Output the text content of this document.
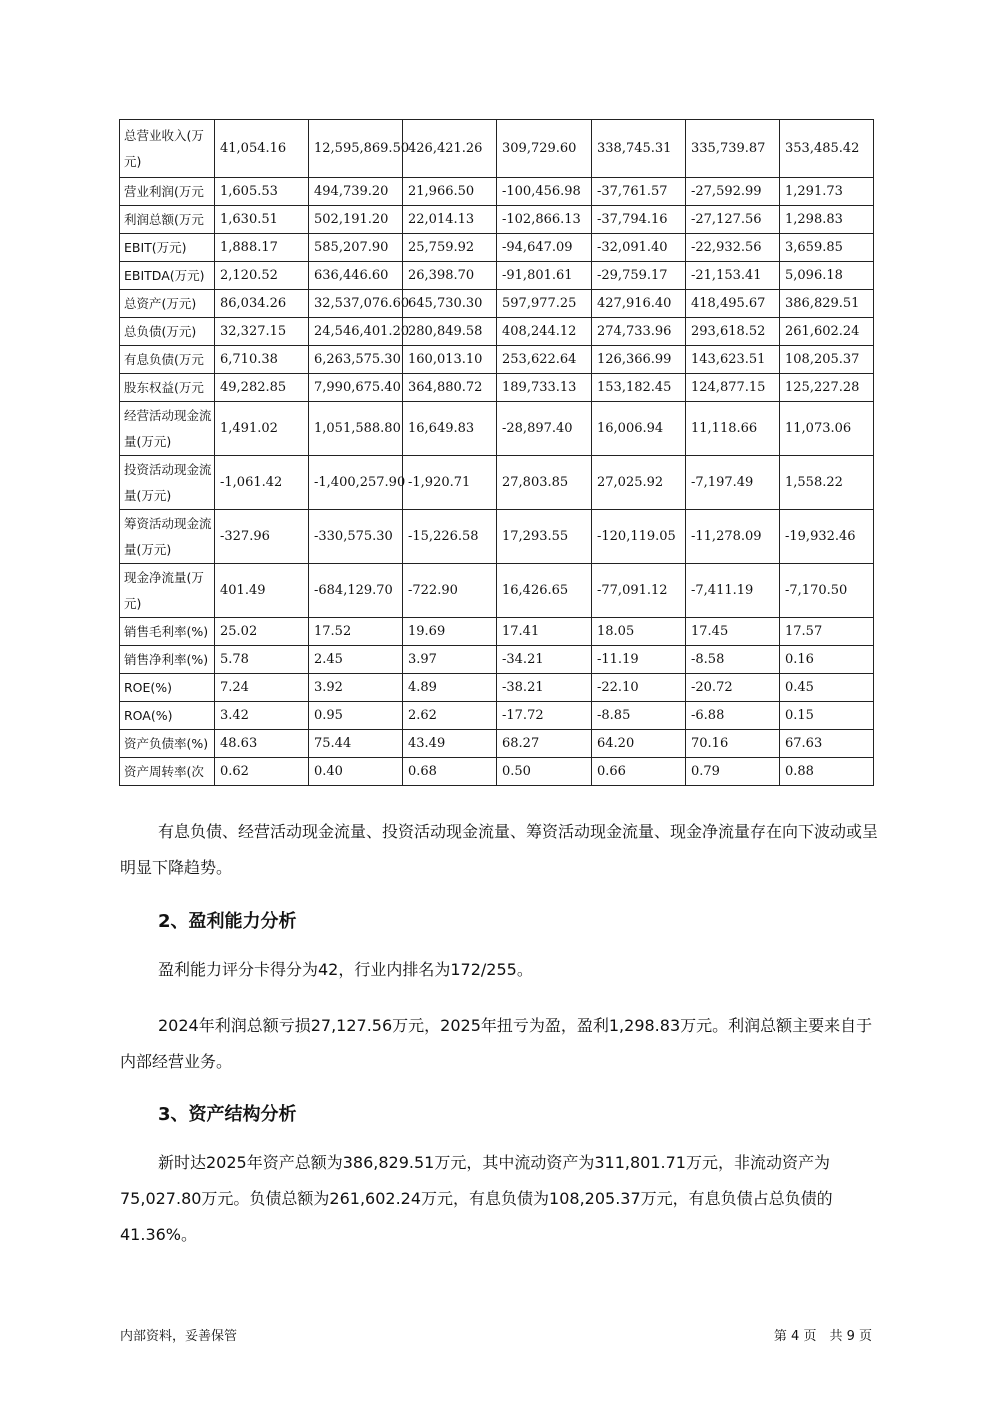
总营业收入(万元)	41,054.16	12,595,869.50	426,421.26	309,729.60	338,745.31	335,739.87	353,485.42
营业利润(万元	1,605.53	494,739.20	21,966.50	-100,456.98	-37,761.57	-27,592.99	1,291.73
利润总额(万元	1,630.51	502,191.20	22,014.13	-102,866.13	-37,794.16	-27,127.56	1,298.83
EBIT(万元)	1,888.17	585,207.90	25,759.92	-94,647.09	-32,091.40	-22,932.56	3,659.85
EBITDA(万元)	2,120.52	636,446.60	26,398.70	-91,801.61	-29,759.17	-21,153.41	5,096.18
总资产(万元)	86,034.26	32,537,076.60	645,730.30	597,977.25	427,916.40	418,495.67	386,829.51
总负债(万元)	32,327.15	24,546,401.20	280,849.58	408,244.12	274,733.96	293,618.52	261,602.24
有息负债(万元	6,710.38	6,263,575.30	160,013.10	253,622.64	126,366.99	143,623.51	108,205.37
股东权益(万元	49,282.85	7,990,675.40	364,880.72	189,733.13	153,182.45	124,877.15	125,227.28
经营活动现金流量(万元)	1,491.02	1,051,588.80	16,649.83	-28,897.40	16,006.94	11,118.66	11,073.06
投资活动现金流量(万元)	-1,061.42	-1,400,257.90	-1,920.71	27,803.85	27,025.92	-7,197.49	1,558.22
筹资活动现金流量(万元)	-327.96	-330,575.30	-15,226.58	17,293.55	-120,119.05	-11,278.09	-19,932.46
现金净流量(万元)	401.49	-684,129.70	-722.90	16,426.65	-77,091.12	-7,411.19	-7,170.50
销售毛利率(%)	25.02	17.52	19.69	17.41	18.05	17.45	17.57
销售净利率(%)	5.78	2.45	3.97	-34.21	-11.19	-8.58	0.16
ROE(%)	7.24	3.92	4.89	-38.21	-22.10	-20.72	0.45
ROA(%)	3.42	0.95	2.62	-17.72	-8.85	-6.88	0.15
资产负债率(%)	48.63	75.44	43.49	68.27	64.20	70.16	67.63
资产周转率(次	0.62	0.40	0.68	0.50	0.66	0.79	0.88
有息负债、经营活动现金流量、投资活动现金流量、筹资活动现金流量、现金净流量存在向下波动或呈明显下降趋势。
2、盈利能力分析
盈利能力评分卡得分为42，行业内排名为172/255。
2024年利润总额亏损27,127.56万元，2025年扭亏为盈，盈利1,298.83万元。利润总额主要来自于内部经营业务。
3、资产结构分析
新时达2025年资产总额为386,829.51万元，其中流动资产为311,801.71万元，非流动资产为75,027.80万元。负债总额为261,602.24万元，有息负债为108,205.37万元，有息负债占总负债的41.36%。
内部资料，妥善保管	第 4 页　共 9 页
